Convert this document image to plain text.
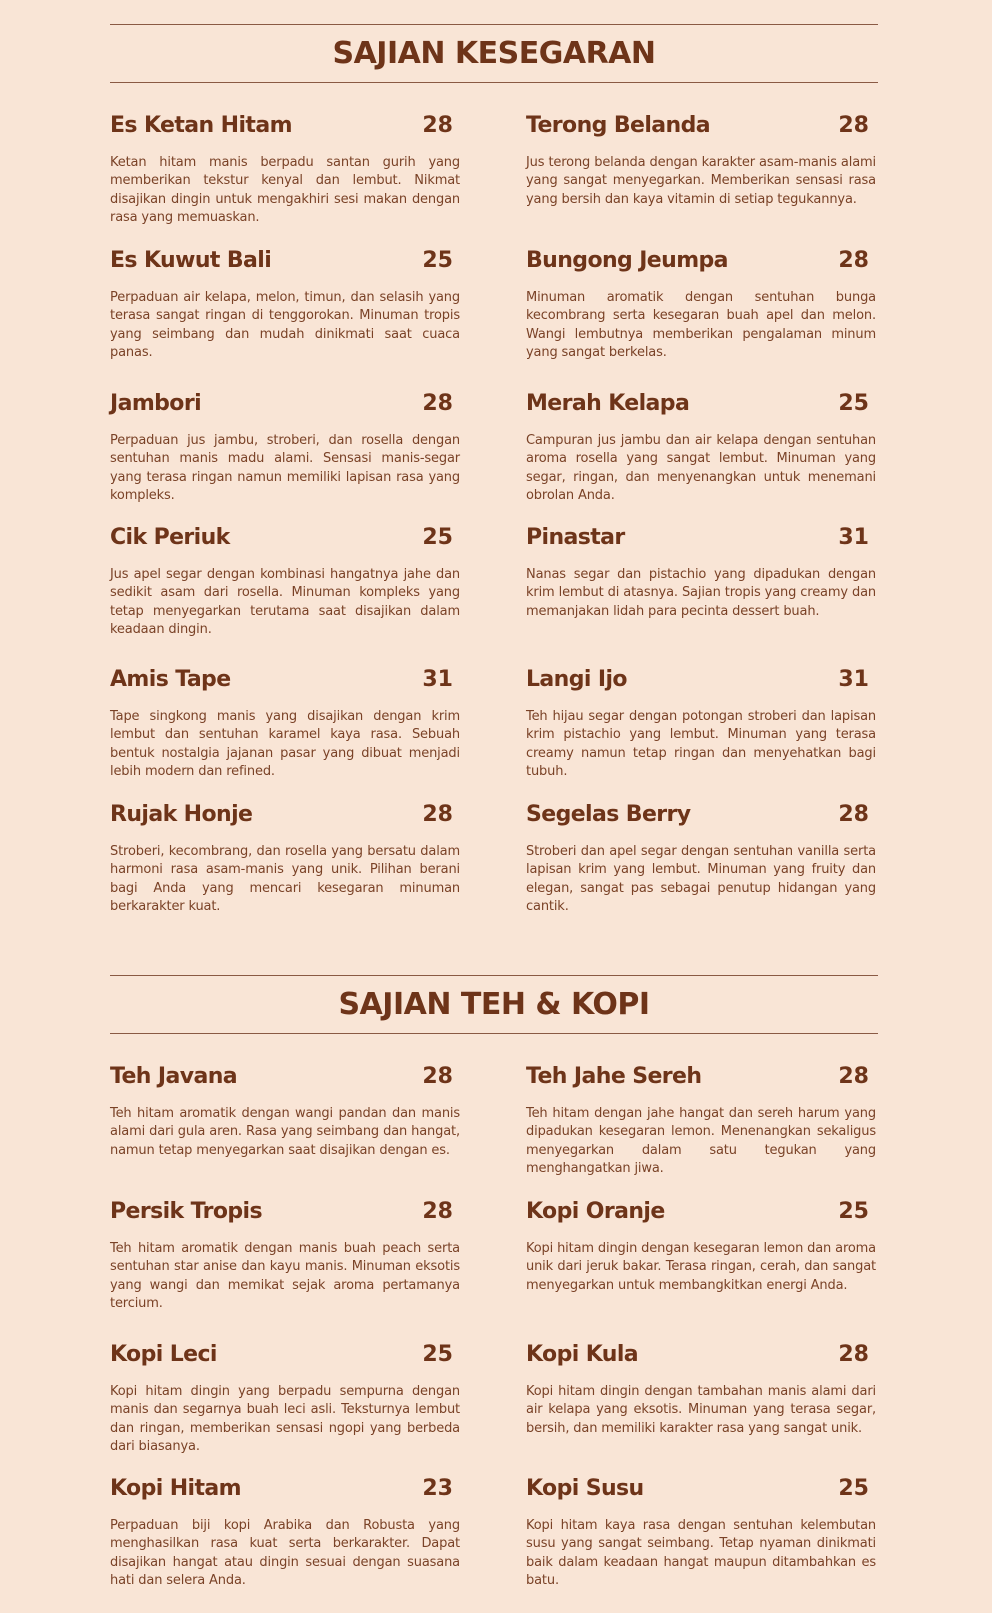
SAJIAN KESEGARAN
Es Ketan Hitam	28

Ketan hitam manis berpadu santan gurih yang memberikan tekstur kenyal dan lembut. Nikmat disajikan dingin untuk mengakhiri sesi makan dengan rasa yang memuaskan.

Terong Belanda	28

Jus terong belanda dengan karakter asam-manis alami yang sangat menyegarkan. Memberikan sensasi rasa yang bersih dan kaya vitamin di setiap tegukannya.

Es Kuwut Bali	25

Perpaduan air kelapa, melon, timun, dan selasih yang terasa sangat ringan di tenggorokan. Minuman tropis yang seimbang dan mudah dinikmati saat cuaca panas.

Bungong Jeumpa	28

Minuman aromatik dengan sentuhan bunga kecombrang serta kesegaran buah apel dan melon. Wangi lembutnya memberikan pengalaman minum yang sangat berkelas.

Jambori	28

Perpaduan jus jambu, stroberi, dan rosella dengan sentuhan manis madu alami. Sensasi manis-segar yang terasa ringan namun memiliki lapisan rasa yang kompleks.

Merah Kelapa	25

Campuran jus jambu dan air kelapa dengan sentuhan aroma rosella yang sangat lembut. Minuman yang segar, ringan, dan menyenangkan untuk menemani obrolan Anda.

Cik Periuk	25

Jus apel segar dengan kombinasi hangatnya jahe dan sedikit asam dari rosella. Minuman kompleks yang tetap menyegarkan terutama saat disajikan dalam keadaan dingin.

Pinastar	31

Nanas segar dan pistachio yang dipadukan dengan krim lembut di atasnya. Sajian tropis yang creamy dan memanjakan lidah para pecinta dessert buah.

Amis Tape	31

Tape singkong manis yang disajikan dengan krim lembut dan sentuhan karamel kaya rasa. Sebuah bentuk nostalgia jajanan pasar yang dibuat menjadi lebih modern dan refined.

Langi Ijo	31

Teh hijau segar dengan potongan stroberi dan lapisan krim pistachio yang lembut. Minuman yang terasa creamy namun tetap ringan dan menyehatkan bagi tubuh.

Rujak Honje	28

Stroberi, kecombrang, dan rosella yang bersatu dalam harmoni rasa asam-manis yang unik. Pilihan berani bagi Anda yang mencari kesegaran minuman berkarakter kuat.

Segelas Berry	28

Stroberi dan apel segar dengan sentuhan vanilla serta lapisan krim yang lembut. Minuman yang fruity dan elegan, sangat pas sebagai penutup hidangan yang cantik.

SAJIAN TEH & KOPI
Teh Javana	28

Teh hitam aromatik dengan wangi pandan dan manis alami dari gula aren. Rasa yang seimbang dan hangat, namun tetap menyegarkan saat disajikan dengan es.

Teh Jahe Sereh	28

Teh hitam dengan jahe hangat dan sereh harum yang dipadukan kesegaran lemon. Menenangkan sekaligus menyegarkan dalam satu tegukan yang menghangatkan jiwa.

Persik Tropis	28

Teh hitam aromatik dengan manis buah peach serta sentuhan star anise dan kayu manis. Minuman eksotis yang wangi dan memikat sejak aroma pertamanya tercium.

Kopi Oranje	25

Kopi hitam dingin dengan kesegaran lemon dan aroma unik dari jeruk bakar. Terasa ringan, cerah, dan sangat menyegarkan untuk membangkitkan energi Anda.

Kopi Leci	25

Kopi hitam dingin yang berpadu sempurna dengan manis dan segarnya buah leci asli. Teksturnya lembut dan ringan, memberikan sensasi ngopi yang berbeda dari biasanya.

Kopi Kula	28

Kopi hitam dingin dengan tambahan manis alami dari air kelapa yang eksotis. Minuman yang terasa segar, bersih, dan memiliki karakter rasa yang sangat unik.

Kopi Hitam	23

Perpaduan biji kopi Arabika dan Robusta yang menghasilkan rasa kuat serta berkarakter. Dapat disajikan hangat atau dingin sesuai dengan suasana hati dan selera Anda.

Kopi Susu	25

Kopi hitam kaya rasa dengan sentuhan kelembutan susu yang sangat seimbang. Tetap nyaman dinikmati baik dalam keadaan hangat maupun ditambahkan es batu.
